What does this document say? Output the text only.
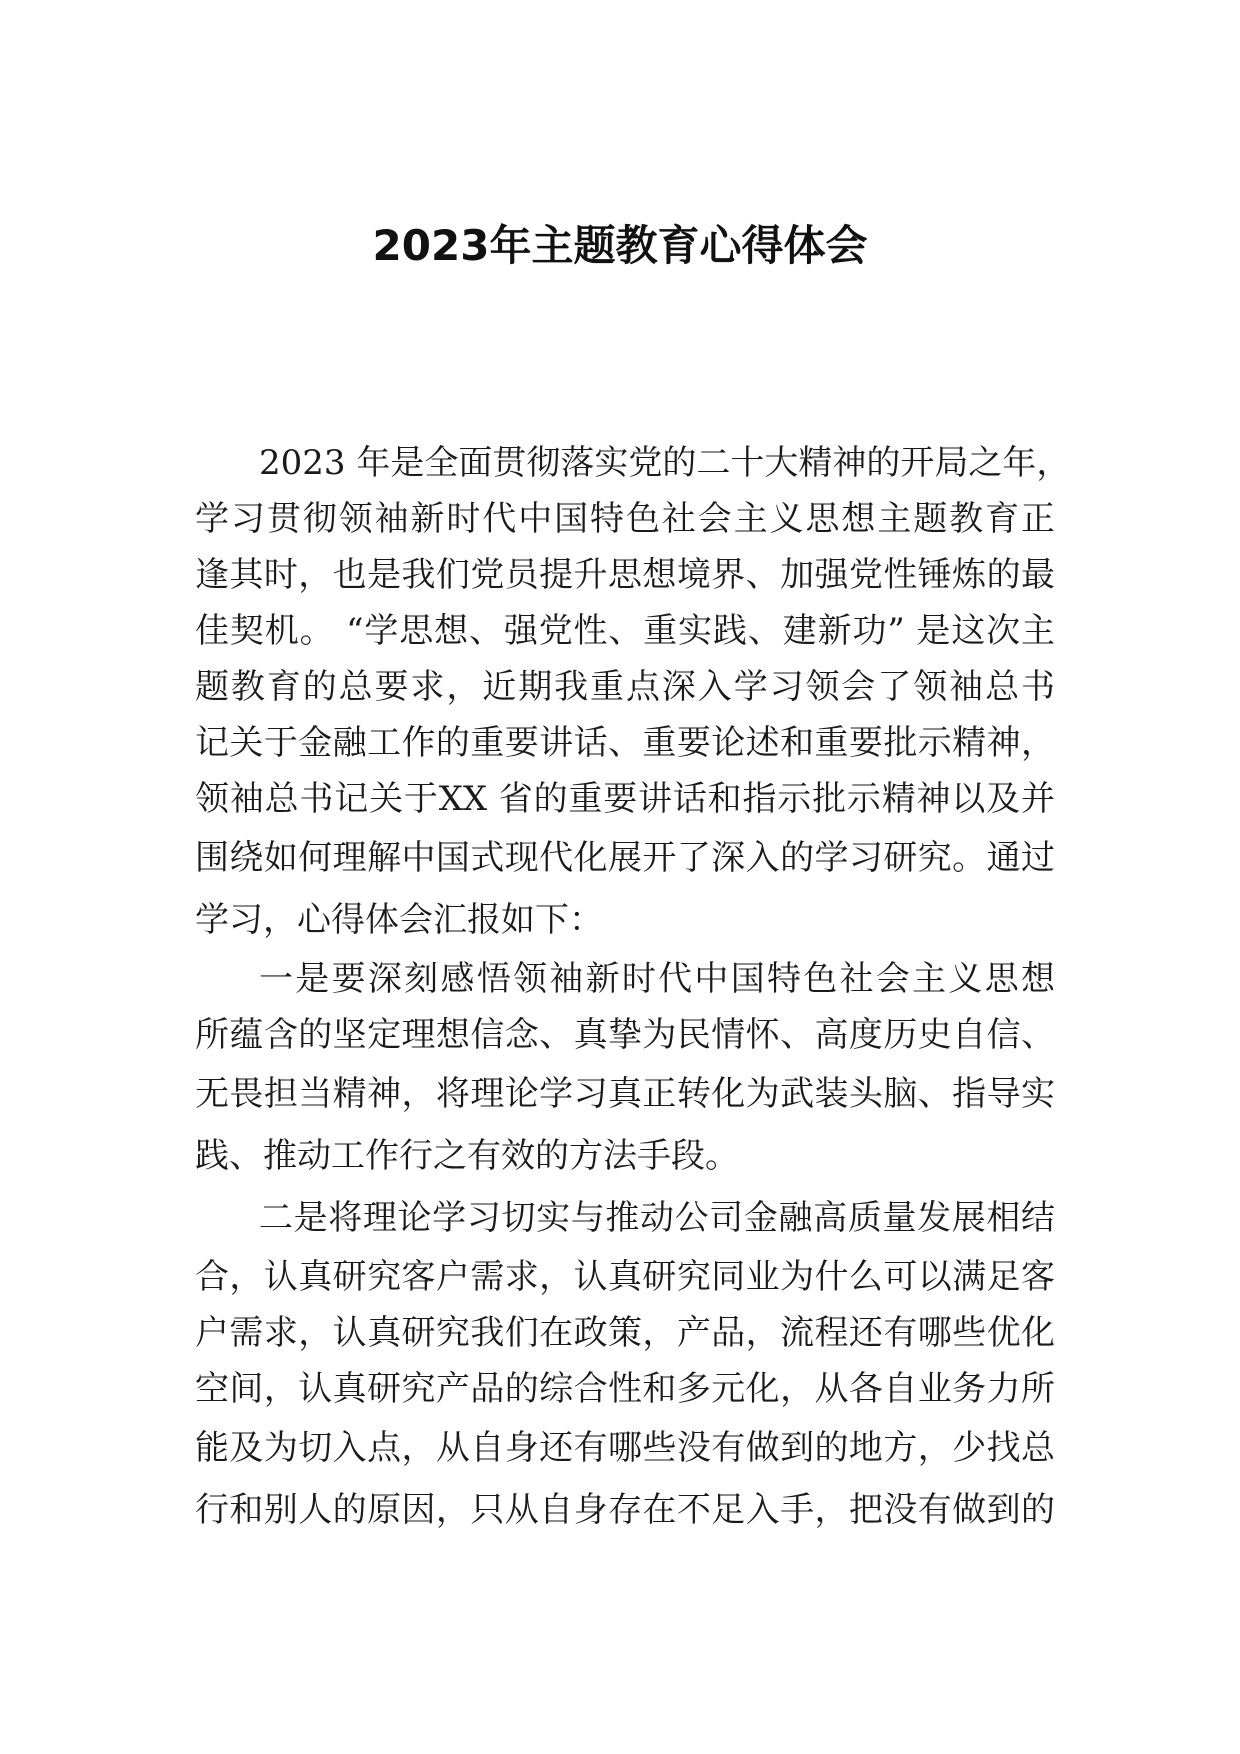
2023年主题教育心得体会

2023 年是全面贯彻落实党的二十大精神的开局之年，
学习贯彻领袖新时代中国特色社会主义思想主题教育正
逢其时，也是我们党员提升思想境界、加强党性锤炼的最
佳契机。 “学思想、强党性、重实践、建新功” 是这次主
题教育的总要求，近期我重点深入学习领会了领袖总书
记关于金融工作的重要讲话、重要论述和重要批示精神，
领袖总书记关于XX 省的重要讲话和指示批示精神以及并
围绕如何理解中国式现代化展开了深入的学习研究。通过
学习，心得体会汇报如下：

一是要深刻感悟领袖新时代中国特色社会主义思想
所蕴含的坚定理想信念、真挚为民情怀、高度历史自信、
无畏担当精神，将理论学习真正转化为武装头脑、指导实
践、推动工作行之有效的方法手段。

二是将理论学习切实与推动公司金融高质量发展相结
合，认真研究客户需求，认真研究同业为什么可以满足客
户需求，认真研究我们在政策，产品，流程还有哪些优化
空间，认真研究产品的综合性和多元化，从各自业务力所
能及为切入点，从自身还有哪些没有做到的地方，少找总
行和别人的原因，只从自身存在不足入手，把没有做到的
